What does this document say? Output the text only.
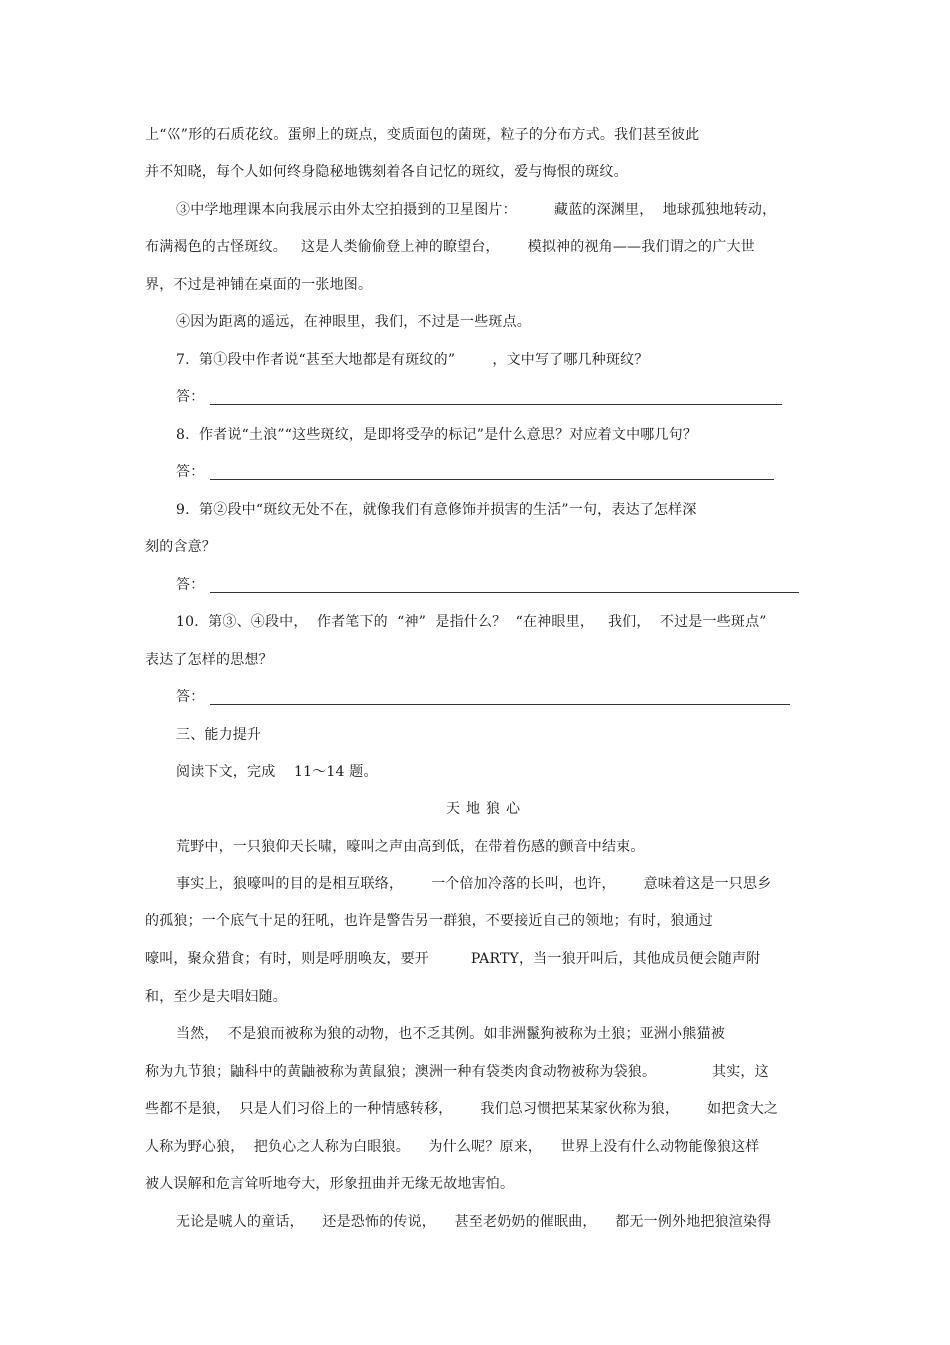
上“巛”形的石质花纹。蛋卵上的斑点，变质面包的菌斑，粒子的分布方式。我们甚至彼此
并不知晓，每个人如何终身隐秘地镌刻着各自记忆的斑纹，爱与悔恨的斑纹。
③中学地理课本向我展示由外太空拍摄到的卫星图片：        藏蓝的深渊里，  地球孤独地转动，
布满褐色的古怪斑纹。   这是人类偷偷登上神的瞭望台，      模拟神的视角——我们谓之的广大世
界，不过是神铺在桌面的一张地图。
④因为距离的遥远，在神眼里，我们，不过是一些斑点。
7.  第①段中作者说“甚至大地都是有斑纹的”        ，文中写了哪几种斑纹？
答：
8.  作者说“土浪”“这些斑纹，是即将受孕的标记”是什么意思？对应着文中哪几句？
答：
9.  第②段中“斑纹无处不在，就像我们有意修饰并损害的生活”一句，表达了怎样深
刻的含意？
答：
10.  第③、④段中，  作者笔下的  “神”  是指什么？  “在神眼里，   我们，  不过是一些斑点”
表达了怎样的思想？
答：
三、能力提升
阅读下文，完成    11～14 题。
天地狼心
荒野中，一只狼仰天长啸，嚎叫之声由高到低，在带着伤感的颤音中结束。
事实上，狼嚎叫的目的是相互联络，      一个倍加冷落的长叫，也许，      意味着这是一只思乡
的孤狼；一个底气十足的狂吼，也许是警告另一群狼，不要接近自己的领地；有时，狼通过
嚎叫，聚众猎食；有时，则是呼朋唤友，要开         PARTY，当一狼开叫后，其他成员便会随声附
和，至少是夫唱妇随。
当然，  不是狼而被称为狼的动物，也不乏其例。如非洲鬣狗被称为土狼；亚洲小熊猫被
称为九节狼；鼬科中的黄鼬被称为黄鼠狼；澳洲一种有袋类肉食动物被称为袋狼。            其实，这
些都不是狼，  只是人们习俗上的一种情感转移，      我们总习惯把某某家伙称为狼，      如把贪大之
人称为野心狼，  把负心之人称为白眼狼。    为什么呢？原来，    世界上没有什么动物能像狼这样
被人误解和危言耸听地夸大，形象扭曲并无缘无故地害怕。
无论是唬人的童话，    还是恐怖的传说，    甚至老奶奶的催眠曲，    都无一例外地把狼渲染得
